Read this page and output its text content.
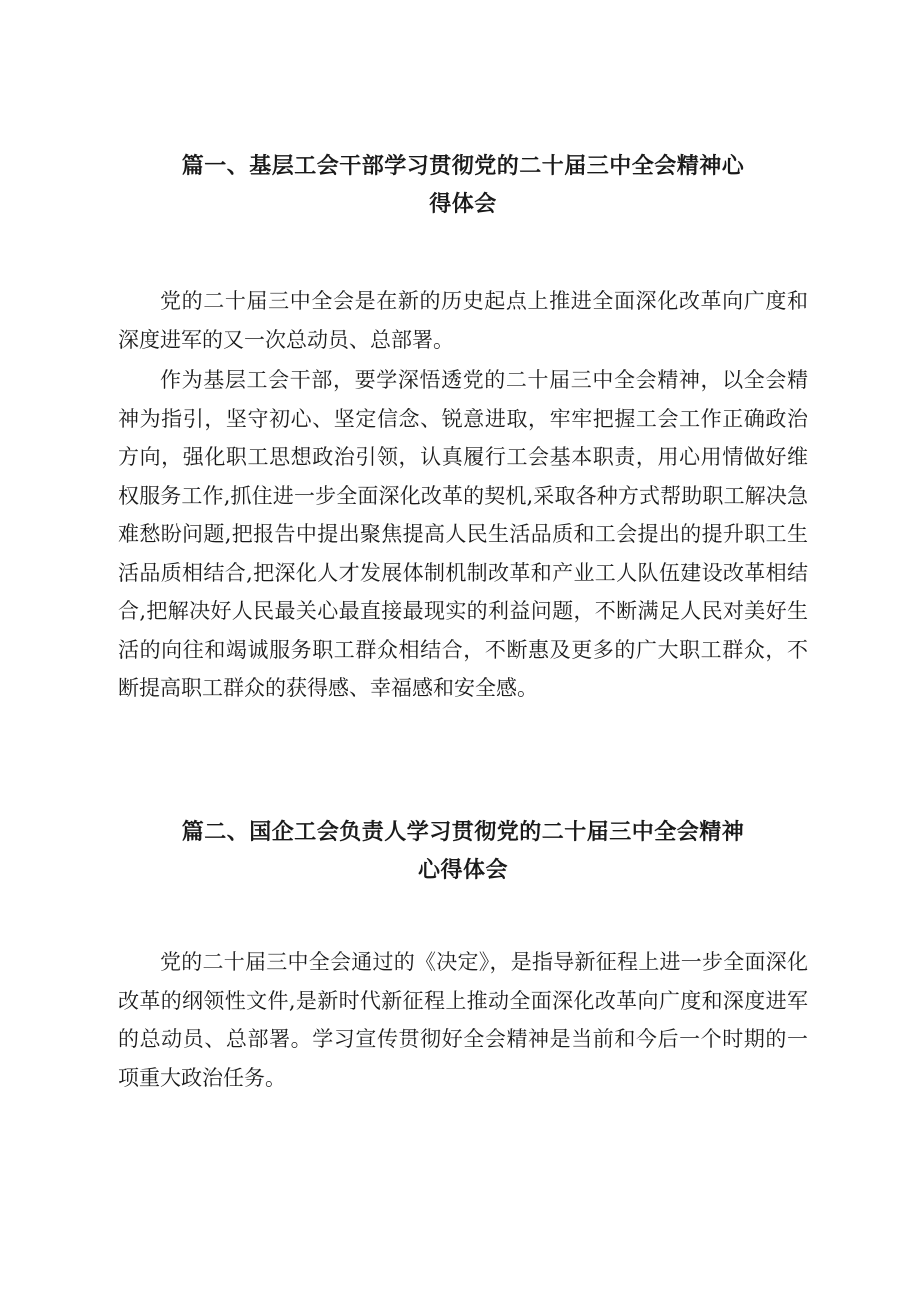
篇一、基层工会干部学习贯彻党的二十届三中全会精神心

得体会

党的二十届三中全会是在新的历史起点上推进全面深化改革向广度和深度进军的又一次总动员、总部署。

作为基层工会干部，要学深悟透党的二十届三中全会精神，以全会精神为指引，坚守初心、坚定信念、锐意进取，牢牢把握工会工作正确政治方向，强化职工思想政治引领，认真履行工会基本职责，用心用情做好维权服务工作,抓住进一步全面深化改革的契机,采取各种方式帮助职工解决急难愁盼问题,把报告中提出聚焦提高人民生活品质和工会提出的提升职工生活品质相结合,把深化人才发展体制机制改革和产业工人队伍建设改革相结合,把解决好人民最关心最直接最现实的利益问题，不断满足人民对美好生活的向往和竭诚服务职工群众相结合，不断惠及更多的广大职工群众，不断提高职工群众的获得感、幸福感和安全感。

篇二、国企工会负责人学习贯彻党的二十届三中全会精神

心得体会

党的二十届三中全会通过的《决定》，是指导新征程上进一步全面深化改革的纲领性文件,是新时代新征程上推动全面深化改革向广度和深度进军的总动员、总部署。学习宣传贯彻好全会精神是当前和今后一个时期的一项重大政治任务。
